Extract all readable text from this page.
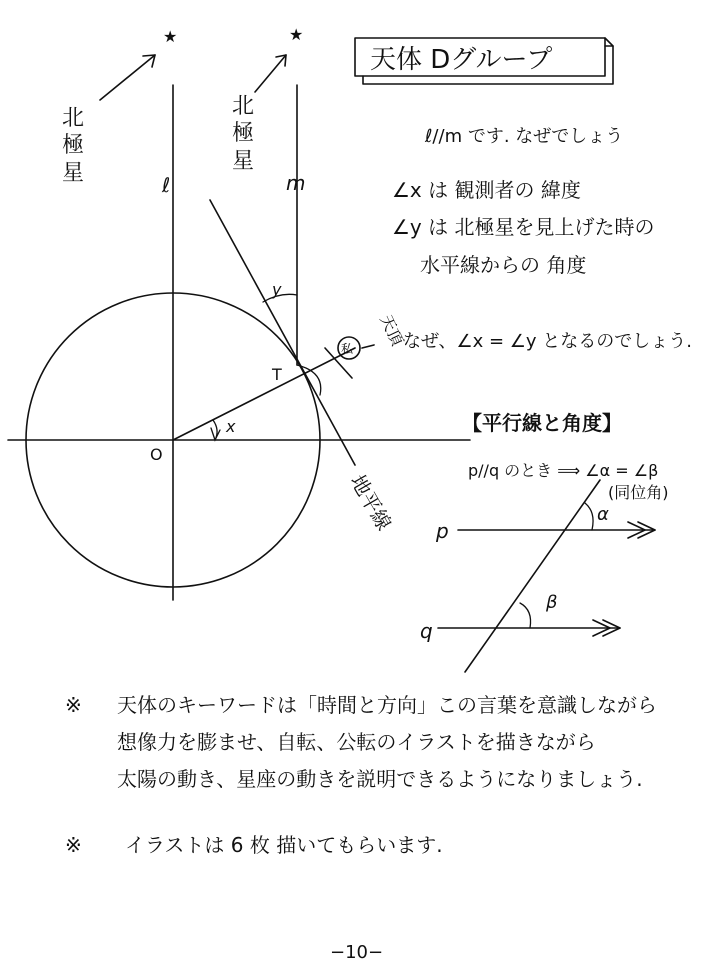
天体 Dグループ
★	★
北
極
星
北
極
星
ℓ	m
y
x
私
天頂
T
O
地平線
ℓ//m です. なぜでしょう
∠x は 観測者の 緯度
∠y は 北極星を見上げた時の
水平線からの 角度
なぜ、∠x = ∠y となるのでしょう.
【平行線と角度】
p//q のとき ⟹ ∠α = ∠β
(同位角)
p
q
α
β
※ 天体のキーワードは「時間と方向」この言葉を意識しながら
想像力を膨ませ、自転、公転のイラストを描きながら
太陽の動き、星座の動きを説明できるようになりましょう.
※ イラストは 6 枚 描いてもらいます.
−10−
